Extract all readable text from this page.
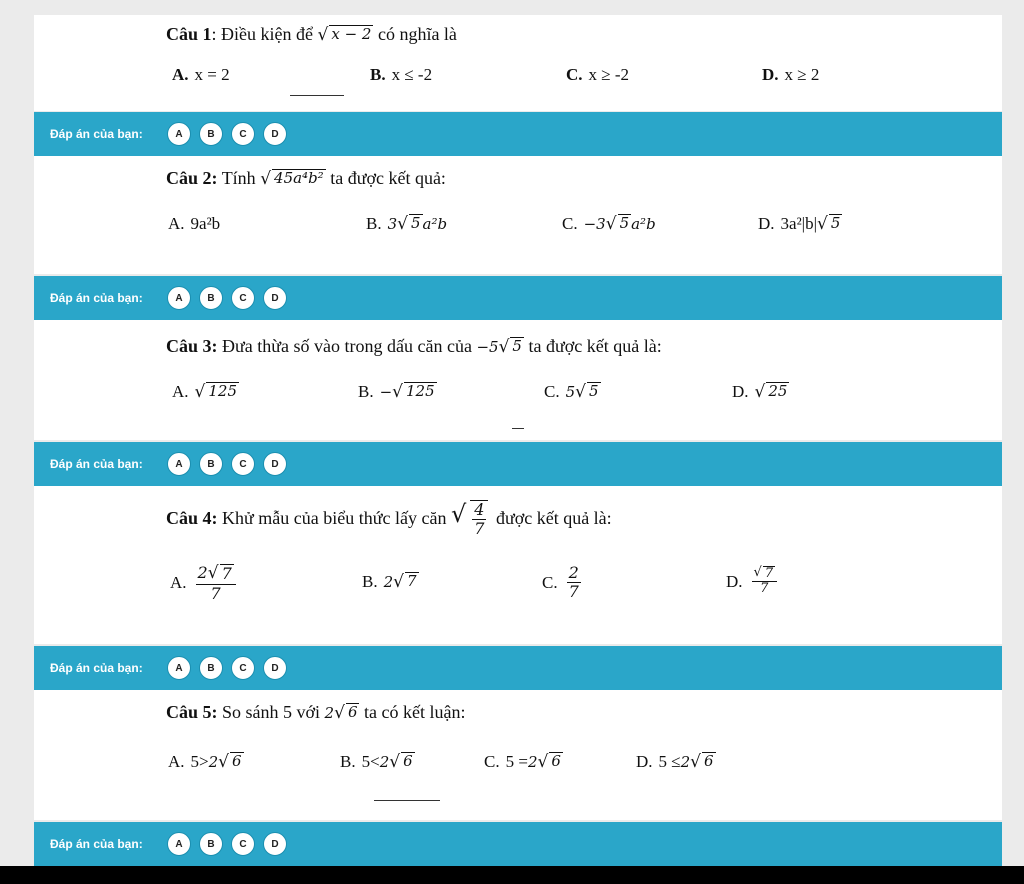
Câu 1: Điều kiện để √ x − 2 có nghĩa là
A. x = 2	B. x ≤ -2	C. x ≥ -2	D. x ≥ 2
Đáp án của bạn:	A	B	C	D
Câu 2: Tính √ 45a⁴b² ta được kết quả:
A. 9a²b	B. 3 √ 5 a²b	C. −3 √ 5 a²b	D. 3a²|b| √ 5
Đáp án của bạn:	A	B	C	D
Câu 3: Đưa thừa số vào trong dấu căn của −5 √ 5 ta được kết quả là:
A. √ 125	B. − √ 125	C. 5 √ 5	D. √ 25
Đáp án của bạn:	A	B	C	D
Câu 4: Khử mẫu của biểu thức lấy căn √ $\frac{4}{7}$ được kết quả là:
A. $\frac{2 √ 7}{7}$	B. 2 √ 7	C. $\frac{2}{7}$	D. $\frac{√ 7}{7}$
Đáp án của bạn:	A	B	C	D
Câu 5: So sánh 5 với 2 √ 6 ta có kết luận:
A. 5> 2 √ 6	B. 5< 2 √ 6	C. 5 = 2 √ 6	D. 5 ≤ 2 √ 6
Đáp án của bạn:	A	B	C	D
